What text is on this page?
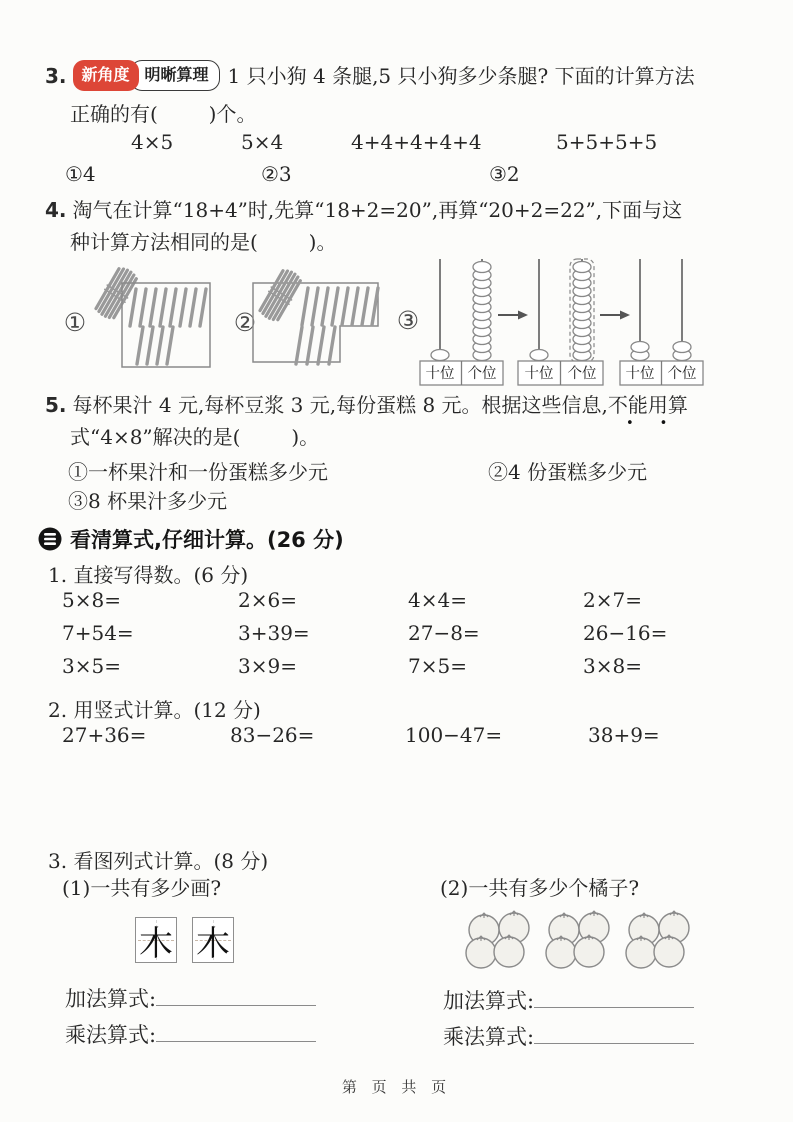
3. 新角度 明晰算理 1 只小狗 4 条腿,5 只小狗多少条腿? 下面的计算方法
正确的有(        )个。
4×5	5×4	4+4+4+4+4	5+5+5+5
①4	②3	③2
4. 淘气在计算“18+4”时,先算“18+2=20”,再算“20+2=22”,下面与这
种计算方法相同的是(        )。
①	②	③
十位 个位 十位 个位 十位 个位
5. 每杯果汁 4 元,每杯豆浆 3 元,每份蛋糕 8 元。根据这些信息,不能用算
••
式“4×8”解决的是(        )。
①一杯果汁和一份蛋糕多少元	②4 份蛋糕多少元
③8 杯果汁多少元
看清算式,仔细计算。(26 分)
1. 直接写得数。(6 分)
5×8=	2×6=	4×4=	2×7=
7+54=	3+39=	27−8=	26−16=
3×5=	3×9=	7×5=	3×8=
2. 用竖式计算。(12 分)
27+36=	83−26=	100−47=	38+9=
3. 看图列式计算。(8 分)
(1)一共有多少画?	(2)一共有多少个橘子?
木 木
加法算式:
乘法算式:
加法算式:
乘法算式:
第 页 共 页
